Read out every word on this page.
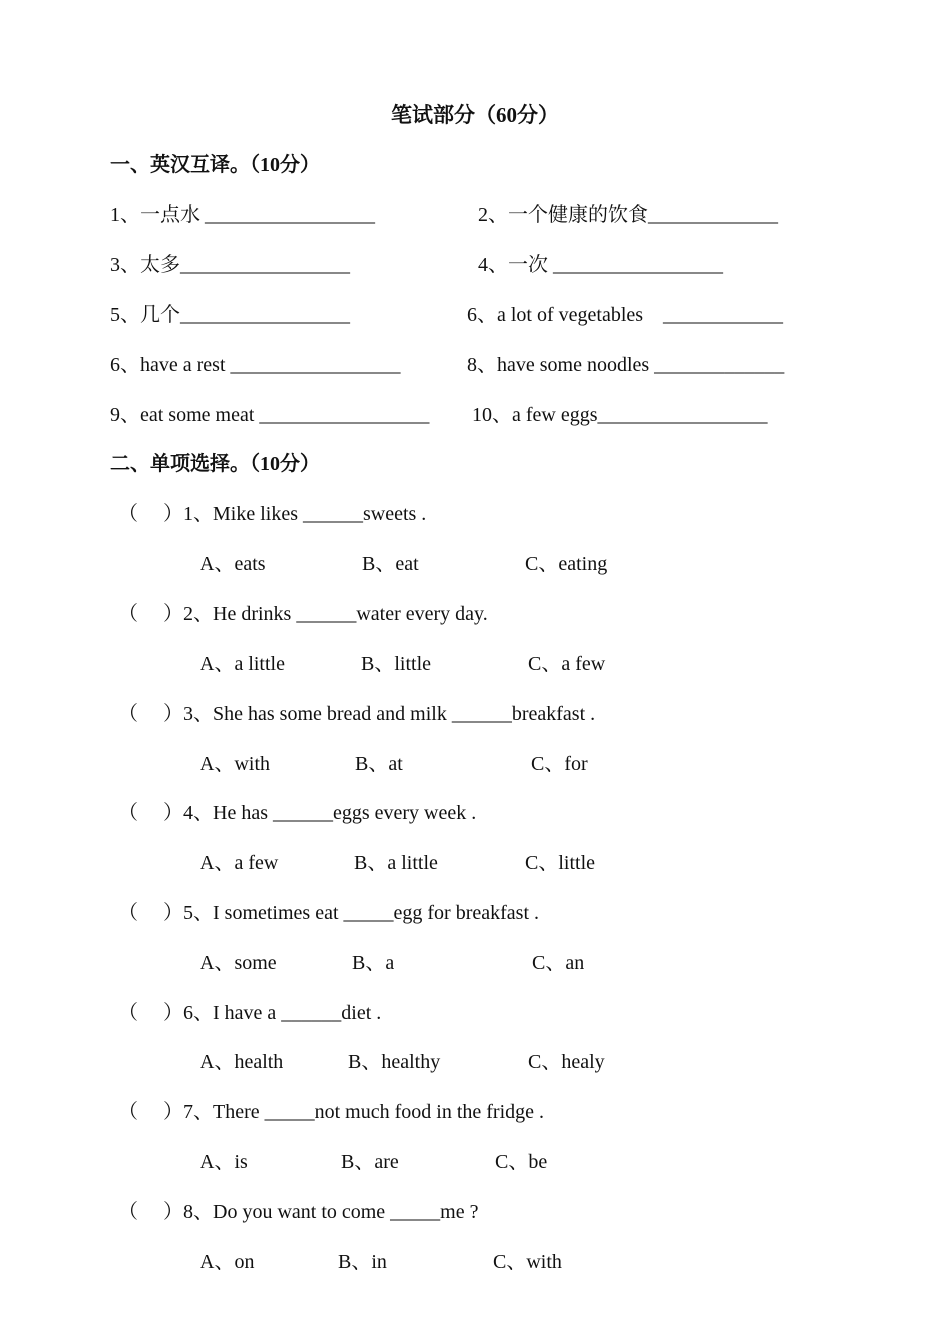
笔试部分（60分）
一、英汉互译。（10分）
1、一点水 _________________	2、一个健康的饮食_____________
3、太多_________________	4、一次 _________________
5、几个_________________	6、a lot of vegetables    ____________
6、have a rest _________________	8、have some noodles _____________
9、eat some meat _________________ 10、a few eggs_________________
二、单项选择。（10分）
（     ）1、Mike likes ______sweets .
A、eats	B、eat	C、eating
（     ）2、He drinks ______water every day.
A、a little	B、little	C、a few
（     ）3、She has some bread and milk ______breakfast .
A、with	B、at	C、for
（     ）4、He has ______eggs every week .
A、a few	B、a little	C、little
（     ）5、I sometimes eat _____egg for breakfast .
A、some	B、a	C、an
（     ）6、I have a ______diet .
A、health	B、healthy	C、healy
（     ）7、There _____not much food in the fridge .
A、is	B、are	C、be
（     ）8、Do you want to come _____me ?
A、on	B、in	C、with
